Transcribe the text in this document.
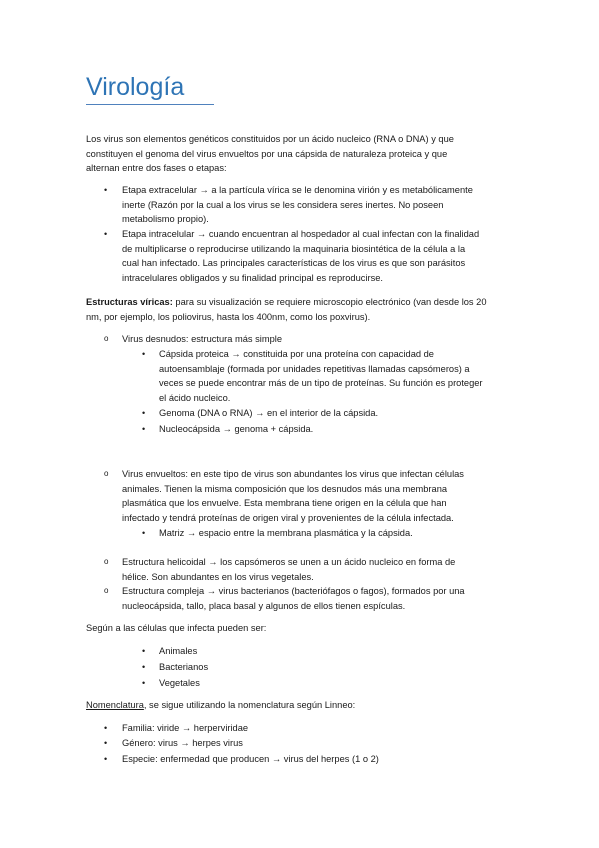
Virología
Los virus son elementos genéticos constituidos por un ácido nucleico (RNA o DNA) y que
constituyen el genoma del virus envueltos por una cápsida de naturaleza proteica y que
alternan entre dos fases o etapas:
• Etapa extracelular → a la partícula vírica se le denomina virión y es metabólicamente
inerte (Razón por la cual a los virus se les considera seres inertes. No poseen
metabolismo propio).
• Etapa intracelular → cuando encuentran al hospedador al cual infectan con la finalidad
de multiplicarse o reproducirse utilizando la maquinaria biosintética de la célula a la
cual han infectado. Las principales características de los virus es que son parásitos
intracelulares obligados y su finalidad principal es reproducirse.
Estructuras víricas: para su visualización se requiere microscopio electrónico (van desde los 20
nm, por ejemplo, los poliovirus, hasta los 400nm, como los poxvirus).
o Virus desnudos: estructura más simple
• Cápsida proteica → constituida por una proteína con capacidad de
autoensamblaje (formada por unidades repetitivas llamadas capsómeros) a
veces se puede encontrar más de un tipo de proteínas. Su función es proteger
el ácido nucleico.
• Genoma (DNA o RNA) → en el interior de la cápsida.
• Nucleocápsida → genoma + cápsida.
o Virus envueltos: en este tipo de virus son abundantes los virus que infectan células
animales. Tienen la misma composición que los desnudos más una membrana
plasmática que los envuelve. Esta membrana tiene origen en la célula que han
infectado y tendrá proteínas de origen viral y provenientes de la célula infectada.
• Matriz → espacio entre la membrana plasmática y la cápsida.
o Estructura helicoidal → los capsómeros se unen a un ácido nucleico en forma de
hélice. Son abundantes en los virus vegetales.
o Estructura compleja → virus bacterianos (bacteriófagos o fagos), formados por una
nucleocápsida, tallo, placa basal y algunos de ellos tienen espículas.
Según a las células que infecta pueden ser:
• Animales
• Bacterianos
• Vegetales
Nomenclatura, se sigue utilizando la nomenclatura según Linneo:
• Familia: viride → herperviridae
• Género: virus → herpes virus
• Especie: enfermedad que producen → virus del herpes (1 o 2)
